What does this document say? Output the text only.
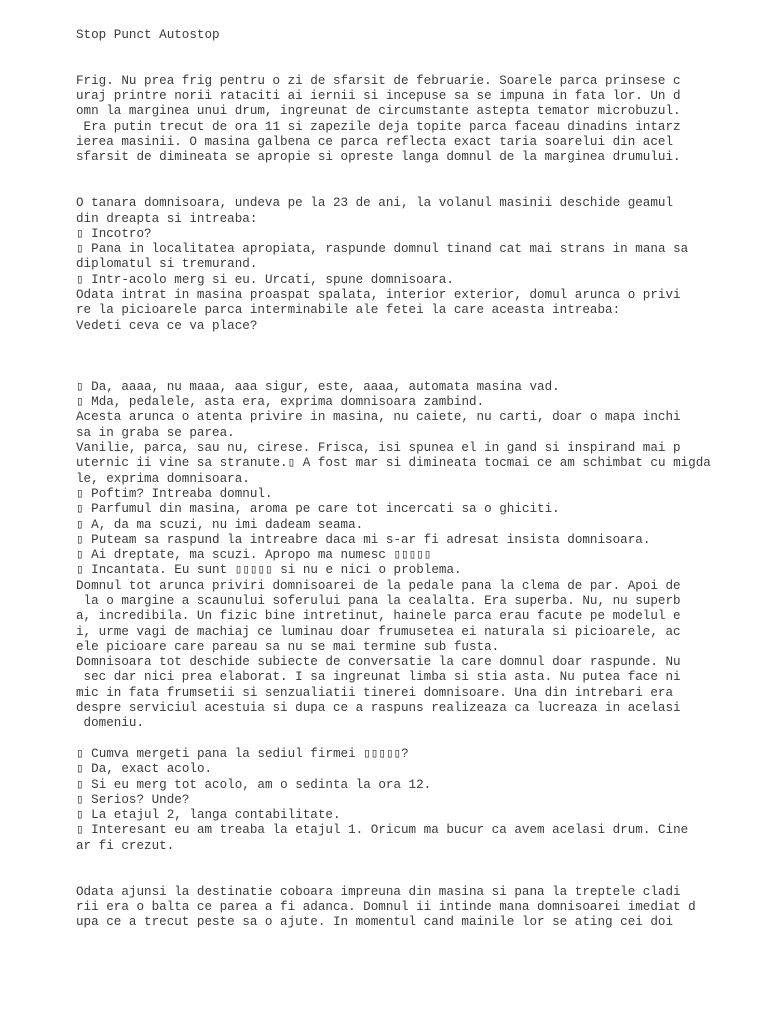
Stop Punct Autostop
Frig. Nu prea frig pentru o zi de sfarsit de februarie. Soarele parca prinsese c
uraj printre norii rataciti ai iernii si incepuse sa se impuna in fata lor. Un d
omn la marginea unui drum, ingreunat de circumstante astepta temator microbuzul.
Era putin trecut de ora 11 si zapezile deja topite parca faceau dinadins intarz
ierea masinii. O masina galbena ce parca reflecta exact taria soarelui din acel
sfarsit de dimineata se apropie si opreste langa domnul de la marginea drumului.
O tanara domnisoara, undeva pe la 23 de ani, la volanul masinii deschide geamul
din dreapta si intreaba:
▯ Incotro?
▯ Pana in localitatea apropiata, raspunde domnul tinand cat mai strans in mana sa
diplomatul si tremurand.
▯ Intr-acolo merg si eu. Urcati, spune domnisoara.
Odata intrat in masina proaspat spalata, interior exterior, domul arunca o privi
re la picioarele parca interminabile ale fetei la care aceasta intreaba:
Vedeti ceva ce va place?
▯ Da, aaaa, nu maaa, aaa sigur, este, aaaa, automata masina vad.
▯ Mda, pedalele, asta era, exprima domnisoara zambind.
Acesta arunca o atenta privire in masina, nu caiete, nu carti, doar o mapa inchi
sa in graba se parea.
Vanilie, parca, sau nu, cirese. Frisca, isi spunea el in gand si inspirand mai p
uternic ii vine sa stranute.▯ A fost mar si dimineata tocmai ce am schimbat cu migda
le, exprima domnisoara.
▯ Poftim? Intreaba domnul.
▯ Parfumul din masina, aroma pe care tot incercati sa o ghiciti.
▯ A, da ma scuzi, nu imi dadeam seama.
▯ Puteam sa raspund la intreabre daca mi s-ar fi adresat insista domnisoara.
▯ Ai dreptate, ma scuzi. Apropo ma numesc ▯▯▯▯▯
▯ Incantata. Eu sunt ▯▯▯▯▯ si nu e nici o problema.
Domnul tot arunca priviri domnisoarei de la pedale pana la clema de par. Apoi de
la o margine a scaunului soferului pana la cealalta. Era superba. Nu, nu superb
a, incredibila. Un fizic bine intretinut, hainele parca erau facute pe modelul e
i, urme vagi de machiaj ce luminau doar frumusetea ei naturala si picioarele, ac
ele picioare care pareau sa nu se mai termine sub fusta.
Domnisoara tot deschide subiecte de conversatie la care domnul doar raspunde. Nu
sec dar nici prea elaborat. I sa ingreunat limba si stia asta. Nu putea face ni
mic in fata frumsetii si senzualiatii tinerei domnisoare. Una din intrebari era
despre serviciul acestuia si dupa ce a raspuns realizeaza ca lucreaza in acelasi
domeniu.
▯ Cumva mergeti pana la sediul firmei ▯▯▯▯▯?
▯ Da, exact acolo.
▯ Si eu merg tot acolo, am o sedinta la ora 12.
▯ Serios? Unde?
▯ La etajul 2, langa contabilitate.
▯ Interesant eu am treaba la etajul 1. Oricum ma bucur ca avem acelasi drum. Cine
ar fi crezut.
Odata ajunsi la destinatie coboara impreuna din masina si pana la treptele cladi
rii era o balta ce parea a fi adanca. Domnul ii intinde mana domnisoarei imediat d
upa ce a trecut peste sa o ajute. In momentul cand mainile lor se ating cei doi
